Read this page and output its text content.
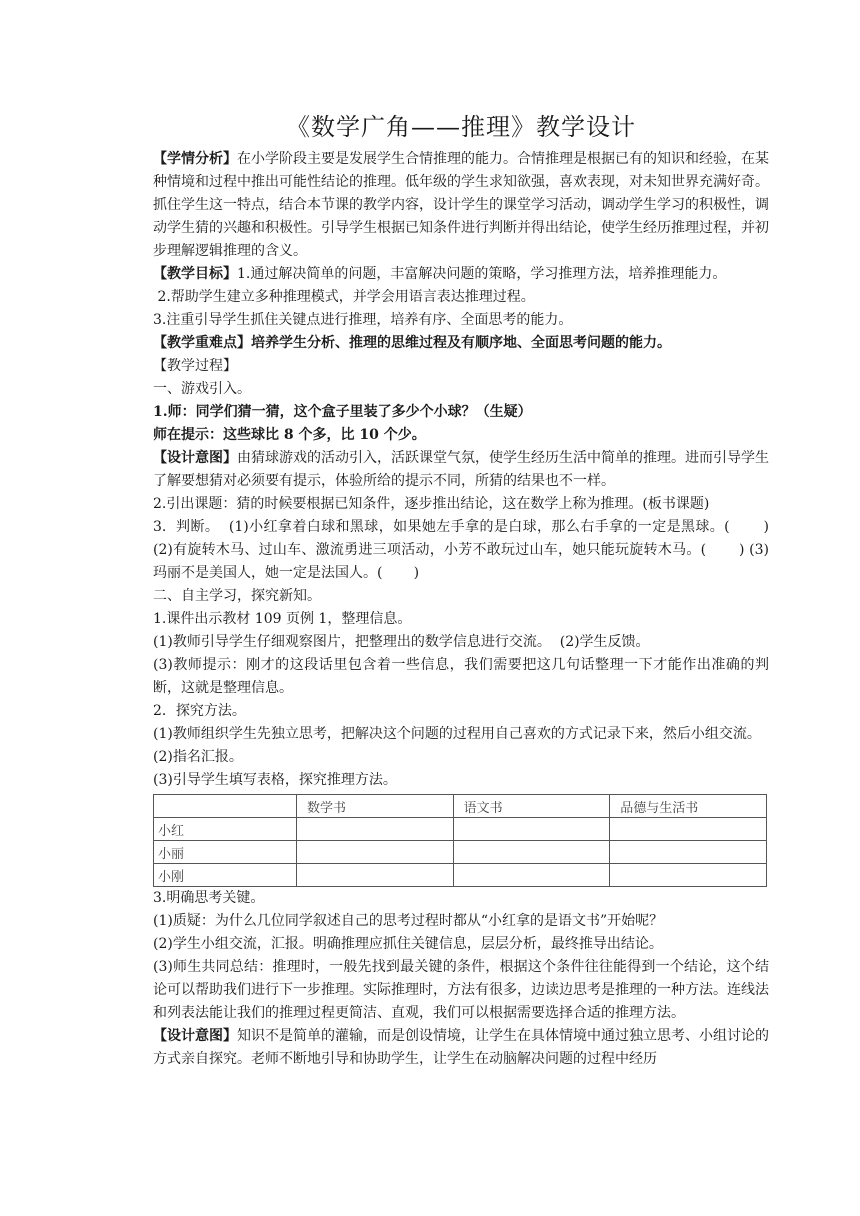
《数学广角——推理》教学设计

【学情分析】在小学阶段主要是发展学生合情推理的能力。合情推理是根据已有的知识和经验，在某种情境和过程中推出可能性结论的推理。低年级的学生求知欲强，喜欢表现，对未知世界充满好奇。抓住学生这一特点，结合本节课的教学内容，设计学生的课堂学习活动，调动学生学习的积极性，调动学生猜的兴趣和积极性。引导学生根据已知条件进行判断并得出结论，使学生经历推理过程，并初步理解逻辑推理的含义。

【教学目标】1.通过解决简单的问题，丰富解决问题的策略，学习推理方法，培养推理能力。

2.帮助学生建立多种推理模式，并学会用语言表达推理过程。

3.注重引导学生抓住关键点进行推理，培养有序、全面思考的能力。

【教学重难点】培养学生分析、推理的思维过程及有顺序地、全面思考问题的能力。

【教学过程】

一、游戏引入。

1.师：同学们猜一猜，这个盒子里装了多少个小球？（生疑）

师在提示：这些球比 8 个多，比 10 个少。

【设计意图】由猜球游戏的活动引入，活跃课堂气氛，使学生经历生活中简单的推理。进而引导学生了解要想猜对必须要有提示，体验所给的提示不同，所猜的结果也不一样。

2.引出课题：猜的时候要根据已知条件，逐步推出结论，这在数学上称为推理。(板书课题)

3.  判断。  (1)小红拿着白球和黑球，如果她左手拿的是白球，那么右手拿的一定是黑球。(       ) (2)有旋转木马、过山车、激流勇进三项活动，小芳不敢玩过山车，她只能玩旋转木马。(       ) (3)玛丽不是美国人，她一定是法国人。(       )

二、自主学习，探究新知。

1.课件出示教材 109 页例 1，整理信息。

(1)教师引导学生仔细观察图片，把整理出的数学信息进行交流。  (2)学生反馈。

(3)教师提示：刚才的这段话里包含着一些信息，我们需要把这几句话整理一下才能作出准确的判断，这就是整理信息。

2．探究方法。

(1)教师组织学生先独立思考，把解决这个问题的过程用自己喜欢的方式记录下来，然后小组交流。

(2)指名汇报。

(3)引导学生填写表格，探究推理方法。

	数学书	语文书	品德与生活书
小红			
小丽			
小刚			

3.明确思考关键。

(1)质疑：为什么几位同学叙述自己的思考过程时都从“小红拿的是语文书”开始呢？

(2)学生小组交流，汇报。明确推理应抓住关键信息，层层分析，最终推导出结论。

(3)师生共同总结：推理时，一般先找到最关键的条件，根据这个条件往往能得到一个结论，这个结论可以帮助我们进行下一步推理。实际推理时，方法有很多，边读边思考是推理的一种方法。连线法和列表法能让我们的推理过程更简洁、直观，我们可以根据需要选择合适的推理方法。

【设计意图】知识不是简单的灌输，而是创设情境，让学生在具体情境中通过独立思考、小组讨论的方式亲自探究。老师不断地引导和协助学生，让学生在动脑解决问题的过程中经历
